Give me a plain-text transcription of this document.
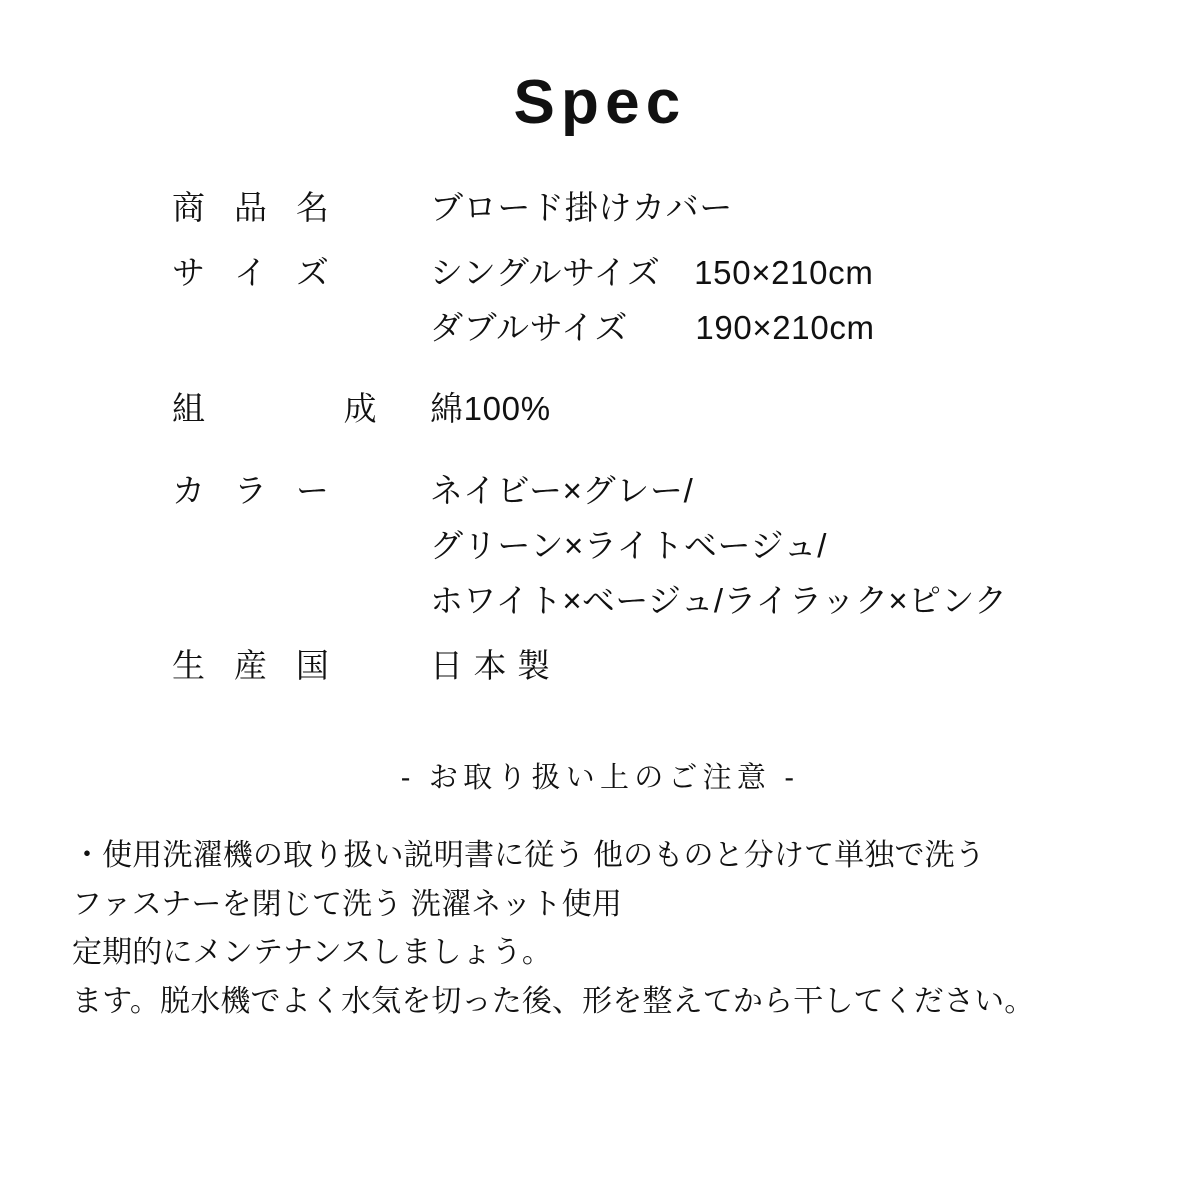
Spec
商 品 名	ブロード掛けカバー
サ イ ズ	シングルサイズ　150×210cm
ダブルサイズ　　190×210cm
組　　　成	綿100%
カ ラ ー	ネイビー×グレー/
グリーン×ライトベージュ/
ホワイト×ベージュ/ライラック×ピンク
生 産 国	日 本 製
- お取り扱い上のご注意 -
・使用洗濯機の取り扱い説明書に従う 他のものと分けて単独で洗う
ファスナーを閉じて洗う 洗濯ネット使用
定期的にメンテナンスしましょう。
ます。脱水機でよく水気を切った後、形を整えてから干してください。
